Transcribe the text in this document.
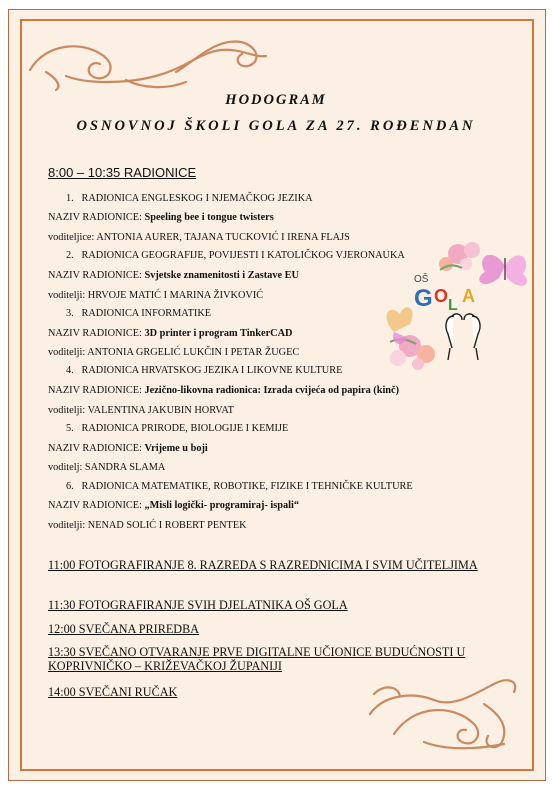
HODOGRAM
OSNOVNOJ ŠKOLI GOLA ZA 27. ROĐENDAN
8:00 – 10:35 RADIONICE
1. RADIONICA ENGLESKOG I NJEMAČKOG JEZIKA
NAZIV RADIONICE: Speeling bee i tongue twisters
voditeljice: ANTONIA AURER, TAJANA TUCKOVIĆ I IRENA FLAJS
2. RADIONICA GEOGRAFIJE, POVIJESTI I KATOLIČKOG VJERONAUKA
NAZIV RADIONICE: Svjetske znamenitosti i Zastave EU
voditelji: HRVOJE MATIĆ I MARINA ŽIVKOVIĆ
3. RADIONICA INFORMATIKE
NAZIV RADIONICE: 3D printer i program TinkerCAD
voditelji: ANTONIA GRGELIĆ LUKČIN I PETAR ŽUGEC
4. RADIONICA HRVATSKOG JEZIKA I LIKOVNE KULTURE
NAZIV RADIONICE: Jezično-likovna radionica: Izrada cvijeća od papira (kinč)
voditelji: VALENTINA JAKUBIN HORVAT
5. RADIONICA PRIRODE, BIOLOGIJE I KEMIJE
NAZIV RADIONICE: Vrijeme u boji
voditelj: SANDRA SLAMA
6. RADIONICA MATEMATIKE, ROBOTIKE, FIZIKE I TEHNIČKE KULTURE
NAZIV RADIONICE: „Misli logički- programiraj- ispali“
voditelji: NENAD SOLIĆ I ROBERT PENTEK
11:00 FOTOGRAFIRANJE 8. RAZREDA S RAZREDNICIMA I SVIM UČITELJIMA
11:30 FOTOGRAFIRANJE SVIH DJELATNIKA OŠ GOLA
12:00 SVEČANA PRIREDBA
13:30 SVEČANO OTVARANJE PRVE DIGITALNE UČIONICE BUDUĆNOSTI U KOPRIVNIČKO – KRIŽEVAČKOJ ŽUPANIJI
14:00 SVEČANI RUČAK
OŠ
G O L A
